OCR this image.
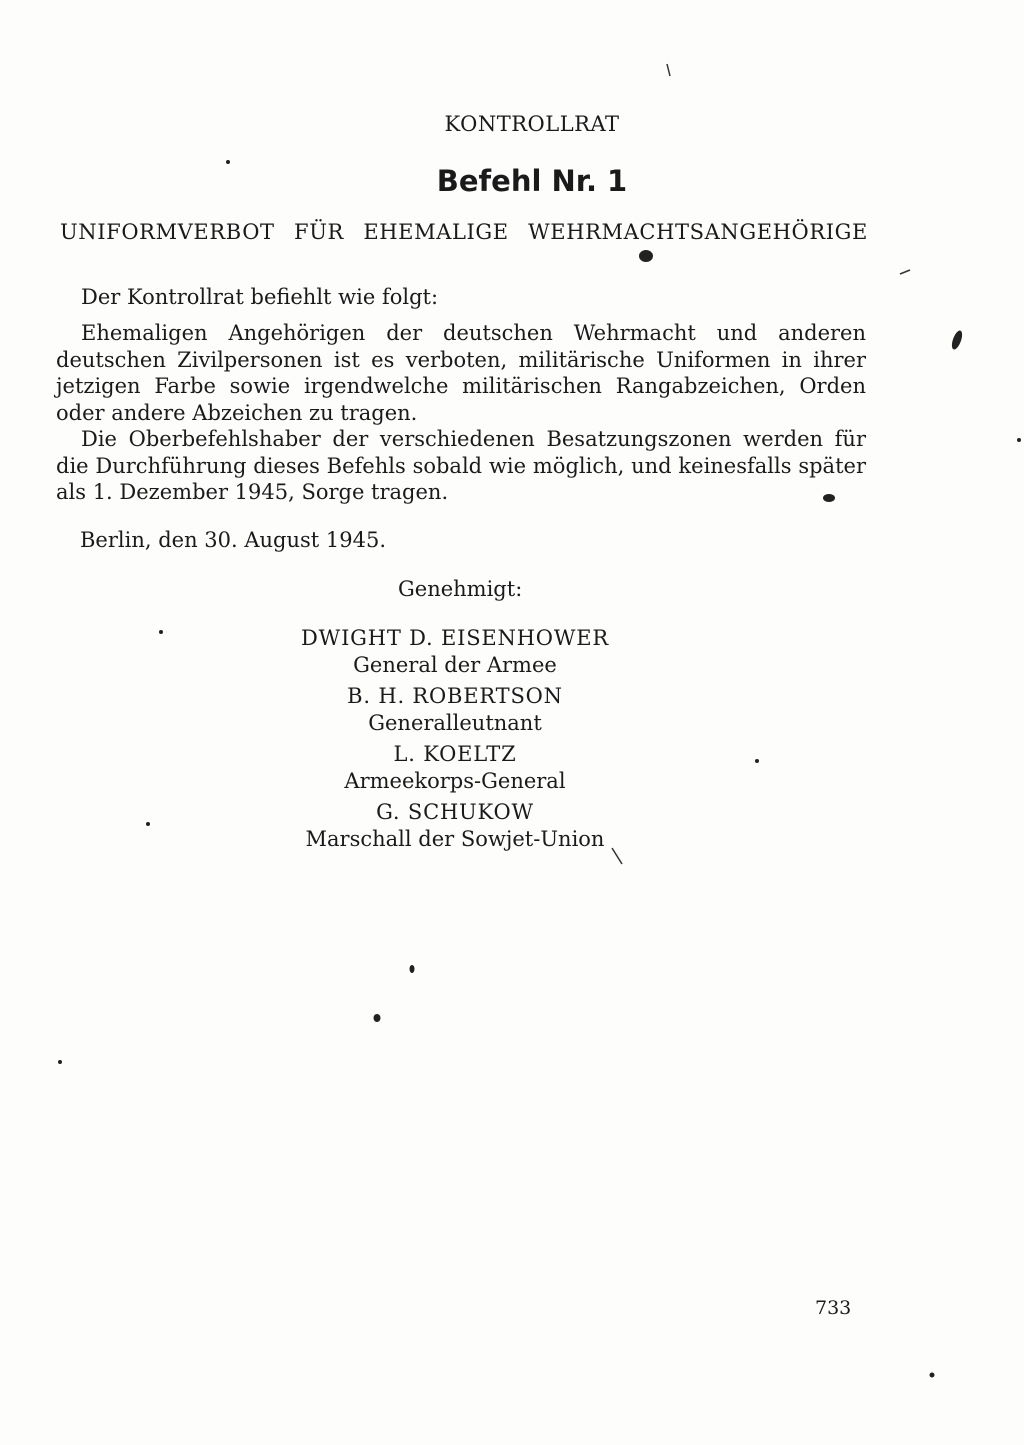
KONTROLLRAT
Befehl Nr. 1
UNIFORMVERBOT FÜR EHEMALIGE WEHRMACHTSANGEHÖRIGE

Der Kontrollrat befiehlt wie folgt:

Ehemaligen Angehörigen der deutschen Wehrmacht und anderen deutschen Zivilpersonen ist es verboten, militärische Uniformen in ihrer jetzigen Farbe sowie irgendwelche militärischen Rangabzeichen, Orden oder andere Abzeichen zu tragen.

Die Oberbefehlshaber der verschiedenen Besatzungszonen werden für die Durchführung dieses Befehls sobald wie möglich, und keinesfalls später als 1. Dezember 1945, Sorge tragen.

Berlin, den 30. August 1945.
Genehmigt:
DWIGHT D. EISENHOWER
General der Armee
B. H. ROBERTSON
Generalleutnant
L. KOELTZ
Armeekorps-General
G. SCHUKOW
Marschall der Sowjet-Union
733
